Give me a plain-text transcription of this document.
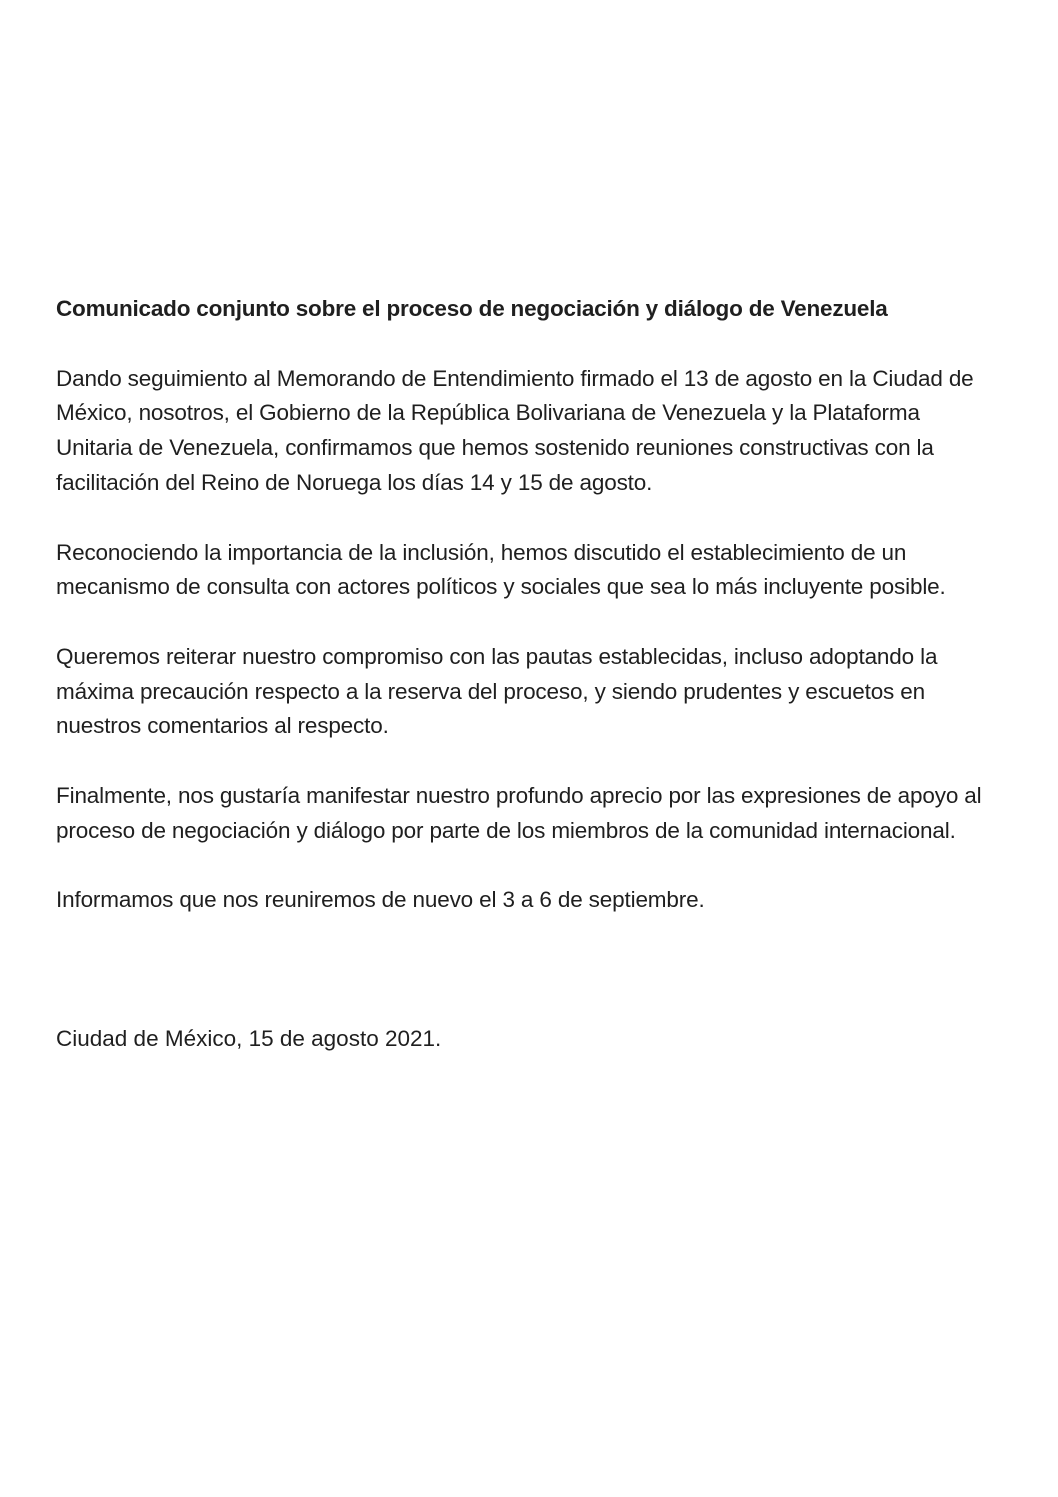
Comunicado conjunto sobre el proceso de negociación y diálogo de Venezuela

Dando seguimiento al Memorando de Entendimiento firmado el 13 de agosto en la Ciudad de México, nosotros, el Gobierno de la República Bolivariana de Venezuela y la Plataforma Unitaria de Venezuela, confirmamos que hemos sostenido reuniones constructivas con la facilitación del Reino de Noruega los días 14 y 15 de agosto.

Reconociendo la importancia de la inclusión, hemos discutido el establecimiento de un mecanismo de consulta con actores políticos y sociales que sea lo más incluyente posible.

Queremos reiterar nuestro compromiso con las pautas establecidas, incluso adoptando la máxima precaución respecto a la reserva del proceso, y siendo prudentes y escuetos en nuestros comentarios al respecto.

Finalmente, nos gustaría manifestar nuestro profundo aprecio por las expresiones de apoyo al proceso de negociación y diálogo por parte de los miembros de la comunidad internacional.

Informamos que nos reuniremos de nuevo el 3 a 6 de septiembre.

Ciudad de México, 15 de agosto 2021.
